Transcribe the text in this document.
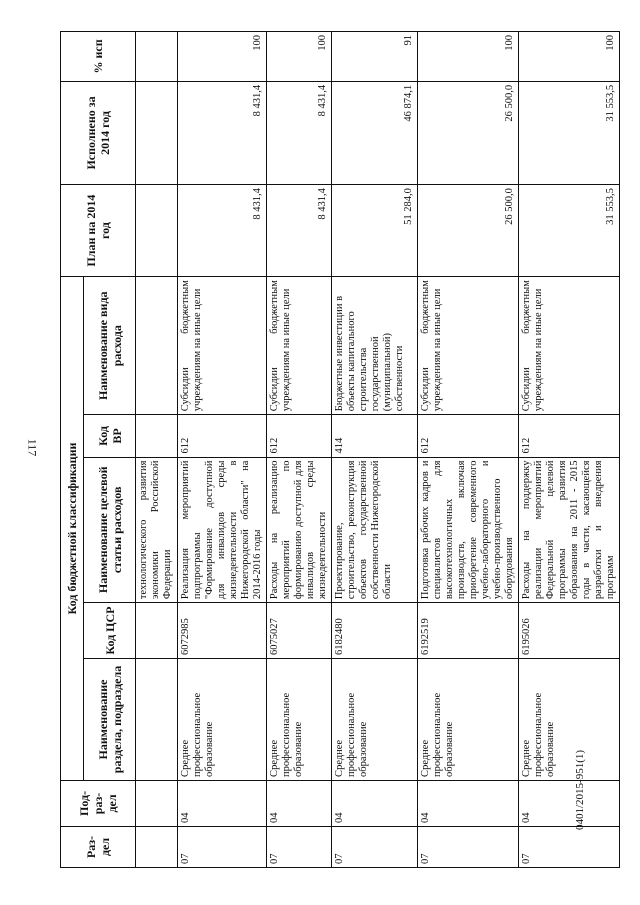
117
0401/2015-951(1)
Раз-дел	Под-раз-дел	Код бюджетной классификации					План на 2014 год	Исполнено за 2014 год	% исп
		Наименование раздела, подраздела	Код ЦСР	Наименование целевой статьи расходов	Код ВР	Наименование вида расхода			
				технологического развития экономики Российской Федерации					
07	04	Среднее профессиональное образование	6072985	Реализация мероприятий подпрограммы "Формирование доступной для инвалидов среды жизнедеятельности в Нижегородской области" на 2014-2016 годы	612	Субсидии бюджетным учреждениям на иные цели	8 431,4	8 431,4	100
07	04	Среднее профессиональное образование	6075027	Расходы на реализацию мероприятий по формированию доступной для инвалидов среды жизнедеятельности	612	Субсидии бюджетным учреждениям на иные цели	8 431,4	8 431,4	100
07	04	Среднее профессиональное образование	6182480	Проектирование, строительство, реконструкция объектов государственной собственности Нижегородской области	414	Бюджетные инвестиции в объекты капитального строительства государственной (муниципальной) собственности	51 284,0	46 874,1	91
07	04	Среднее профессиональное образование	6192519	Подготовка рабочих кадров и специалистов для высокотехнологичных производств, включая приобретение современного учебно-лабораторного и учебно-производственного оборудования	612	Субсидии бюджетным учреждениям на иные цели	26 500,0	26 500,0	100
07	04	Среднее профессиональное образование	6195026	Расходы на поддержку реализации мероприятий Федеральной целевой программы развития образования на 2011 - 2015 годы в части, касающейся разработки и внедрения программ	612	Субсидии бюджетным учреждениям на иные цели	31 553,5	31 553,5	100
